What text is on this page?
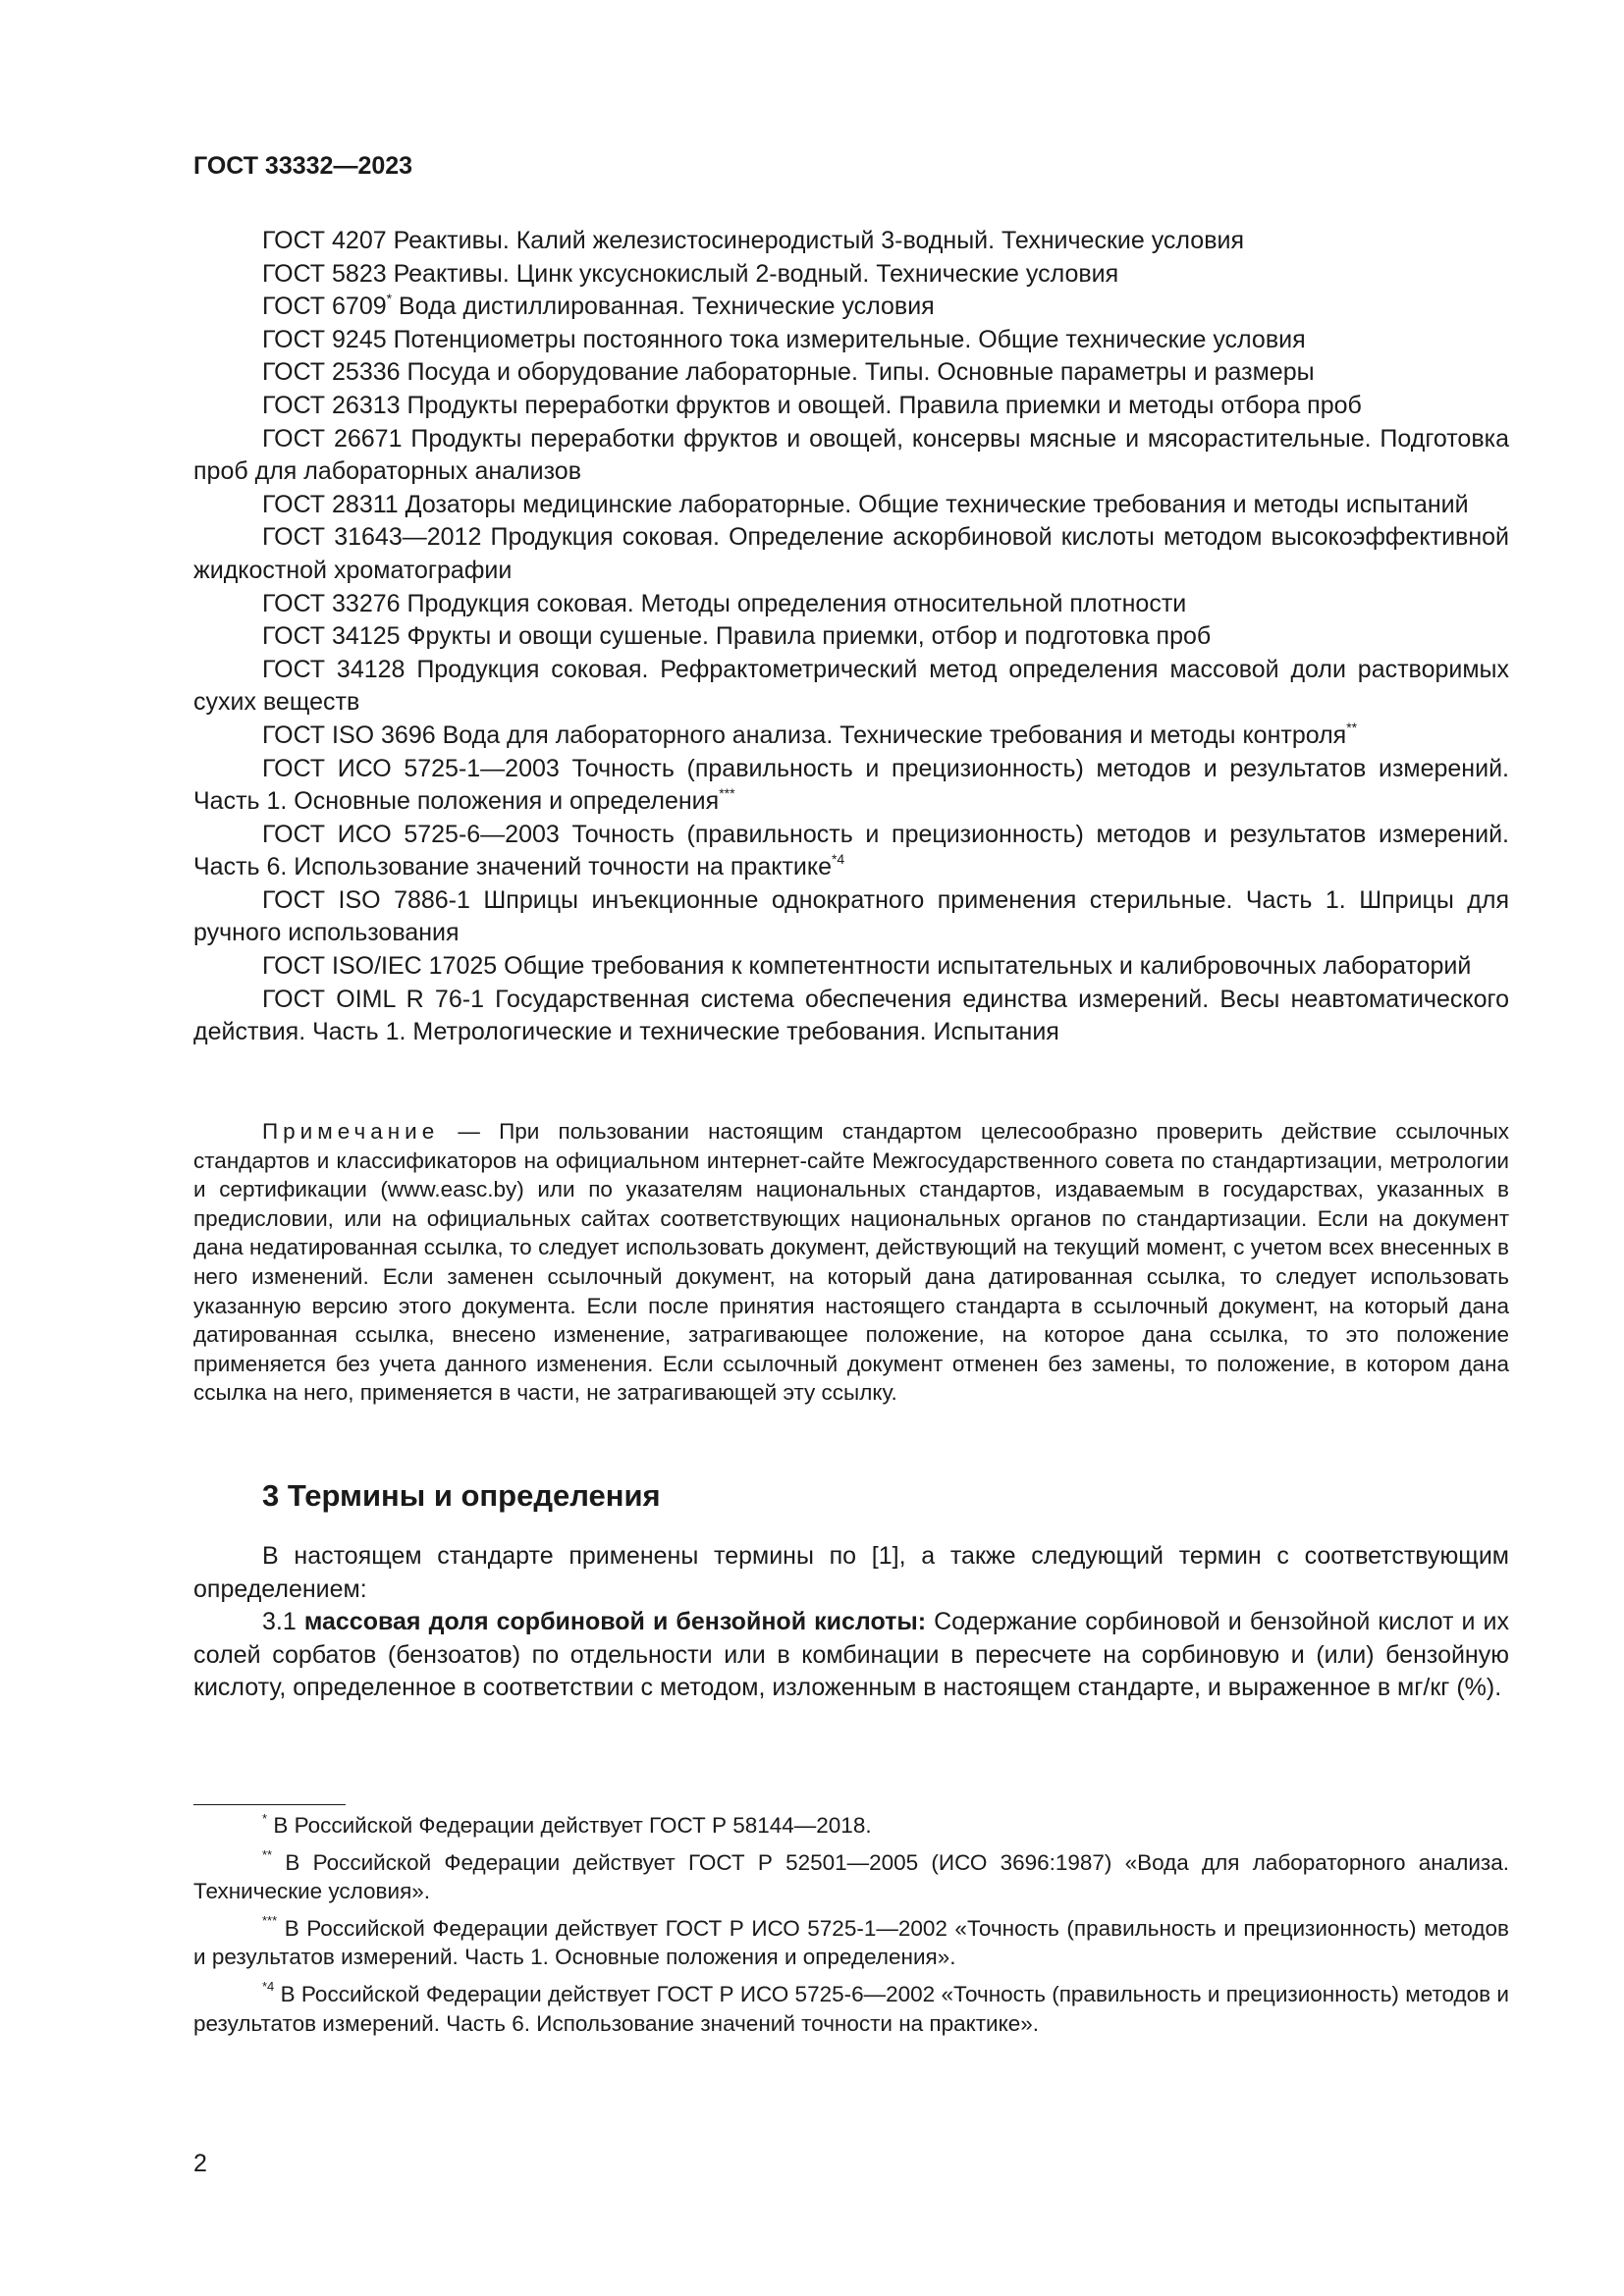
ГОСТ 33332—2023

ГОСТ 4207 Реактивы. Калий железистосинеродистый 3-водный. Технические условия

ГОСТ 5823 Реактивы. Цинк уксуснокислый 2-водный. Технические условия

ГОСТ 6709* Вода дистиллированная. Технические условия

ГОСТ 9245 Потенциометры постоянного тока измерительные. Общие технические условия

ГОСТ 25336 Посуда и оборудование лабораторные. Типы. Основные параметры и размеры

ГОСТ 26313 Продукты переработки фруктов и овощей. Правила приемки и методы отбора проб

ГОСТ 26671 Продукты переработки фруктов и овощей, консервы мясные и мясорастительные. Подготовка проб для лабораторных анализов

ГОСТ 28311 Дозаторы медицинские лабораторные. Общие технические требования и методы испытаний

ГОСТ 31643—2012 Продукция соковая. Определение аскорбиновой кислоты методом высокоэффективной жидкостной хроматографии

ГОСТ 33276 Продукция соковая. Методы определения относительной плотности

ГОСТ 34125 Фрукты и овощи сушеные. Правила приемки, отбор и подготовка проб

ГОСТ 34128 Продукция соковая. Рефрактометрический метод определения массовой доли растворимых сухих веществ

ГОСТ ISO 3696 Вода для лабораторного анализа. Технические требования и методы контроля**

ГОСТ ИСО 5725-1—2003 Точность (правильность и прецизионность) методов и результатов измерений. Часть 1. Основные положения и определения***

ГОСТ ИСО 5725-6—2003 Точность (правильность и прецизионность) методов и результатов измерений. Часть 6. Использование значений точности на практике$^{*4}$

ГОСТ ISO 7886-1 Шприцы инъекционные однократного применения стерильные. Часть 1. Шприцы для ручного использования

ГОСТ ISO/IEC 17025 Общие требования к компетентности испытательных и калибровочных лабораторий

ГОСТ OIML R 76-1 Государственная система обеспечения единства измерений. Весы неавтоматического действия. Часть 1. Метрологические и технические требования. Испытания

Примечание — При пользовании настоящим стандартом целесообразно проверить действие ссылочных стандартов и классификаторов на официальном интернет-сайте Межгосударственного совета по стандартизации, метрологии и сертификации (www.easc.by) или по указателям национальных стандартов, издаваемым в государствах, указанных в предисловии, или на официальных сайтах соответствующих национальных органов по стандартизации. Если на документ дана недатированная ссылка, то следует использовать документ, действующий на текущий момент, с учетом всех внесенных в него изменений. Если заменен ссылочный документ, на который дана датированная ссылка, то следует использовать указанную версию этого документа. Если после принятия настоящего стандарта в ссылочный документ, на который дана датированная ссылка, внесено изменение, затрагивающее положение, на которое дана ссылка, то это положение применяется без учета данного изменения. Если ссылочный документ отменен без замены, то положение, в котором дана ссылка на него, применяется в части, не затрагивающей эту ссылку.

3 Термины и определения

В настоящем стандарте применены термины по [1], а также следующий термин с соответствующим определением:

3.1 массовая доля сорбиновой и бензойной кислоты: Содержание сорбиновой и бензойной кислот и их солей сорбатов (бензоатов) по отдельности или в комбинации в пересчете на сорбиновую и (или) бензойную кислоту, определенное в соответствии с методом, изложенным в настоящем стандарте, и выраженное в мг/кг (%).

* В Российской Федерации действует ГОСТ Р 58144—2018.

** В Российской Федерации действует ГОСТ Р 52501—2005 (ИСО 3696:1987) «Вода для лабораторного анализа. Технические условия».

*** В Российской Федерации действует ГОСТ Р ИСО 5725-1—2002 «Точность (правильность и прецизионность) методов и результатов измерений. Часть 1. Основные положения и определения».

$^{*4}$ В Российской Федерации действует ГОСТ Р ИСО 5725-6—2002 «Точность (правильность и прецизионность) методов и результатов измерений. Часть 6. Использование значений точности на практике».

2
